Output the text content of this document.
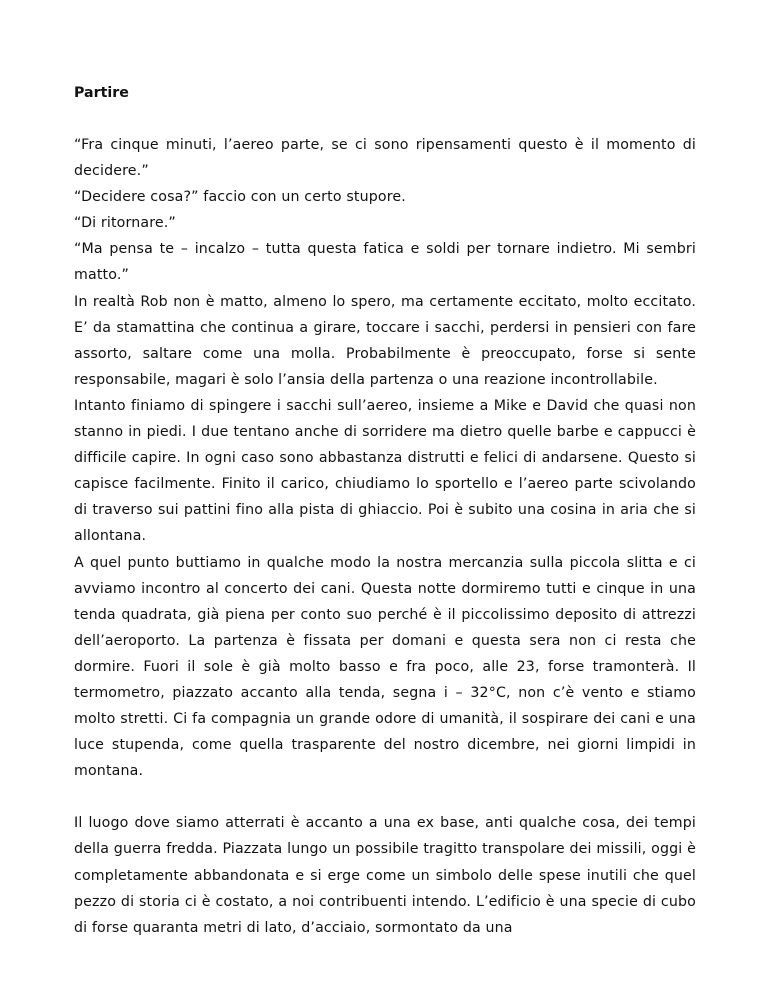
Partire

“Fra cinque minuti, l’aereo parte, se ci sono ripensamenti questo è il momento di decidere.”

“Decidere cosa?” faccio con un certo stupore.

“Di ritornare.”

“Ma pensa te – incalzo – tutta questa fatica e soldi per tornare indietro. Mi sembri matto.”

In realtà Rob non è matto, almeno lo spero, ma certamente eccitato, molto eccitato. E’ da stamattina che continua a girare, toccare i sacchi, perdersi in pensieri con fare assorto, saltare come una molla. Probabilmente è preoccupato, forse si sente responsabile, magari è solo l’ansia della partenza o una reazione incontrollabile.

Intanto finiamo di spingere i sacchi sull’aereo, insieme a Mike e David che quasi non stanno in piedi. I due tentano anche di sorridere ma dietro quelle barbe e cappucci è difficile capire. In ogni caso sono abbastanza distrutti e felici di andarsene. Questo si capisce facilmente. Finito il carico, chiudiamo lo sportello e l’aereo parte scivolando di traverso sui pattini fino alla pista di ghiaccio. Poi è subito una cosina in aria che si allontana.

A quel punto buttiamo in qualche modo la nostra mercanzia sulla piccola slitta e ci avviamo incontro al concerto dei cani. Questa notte dormiremo tutti e cinque in una tenda quadrata, già piena per conto suo perché è il piccolissimo deposito di attrezzi dell’aeroporto. La partenza è fissata per domani e questa sera non ci resta che dormire. Fuori il sole è già molto basso e fra poco, alle 23, forse tramonterà. Il termometro, piazzato accanto alla tenda, segna i – 32°C, non c’è vento e stiamo molto stretti. Ci fa compagnia un grande odore di umanità, il sospirare dei cani e una luce stupenda, come quella trasparente del nostro dicembre, nei giorni limpidi in montana.

Il luogo dove siamo atterrati è accanto a una ex base, anti qualche cosa, dei tempi della guerra fredda. Piazzata lungo un possibile tragitto transpolare dei missili, oggi è completamente abbandonata e si erge come un simbolo delle spese inutili che quel pezzo di storia ci è costato, a noi contribuenti intendo. L’edificio è una specie di cubo di forse quaranta metri di lato, d’acciaio, sormontato da una
